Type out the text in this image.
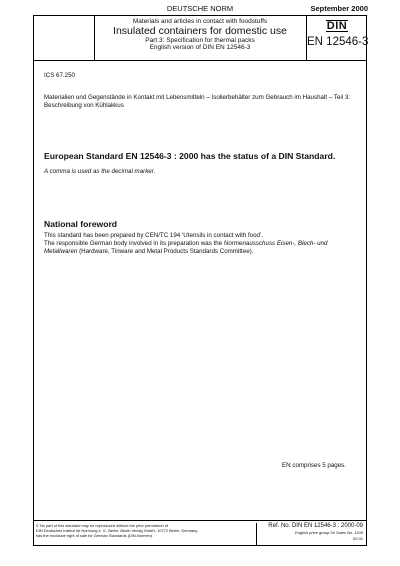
DEUTSCHE NORM	September 2000
Materials and articles in contact with foodstuffs
Insulated containers for domestic use
Part 3: Specification for thermal packs
English version of DIN EN 12546-3
DIN
EN 12546-3
ICS 67.250
Materialien und Gegenstände in Kontakt mit Lebensmitteln – Isolierbehälter zum Gebrauch im Haushalt – Teil 3: Beschreibung von Kühlakkus
European Standard EN 12546-3 : 2000 has the status of a DIN Standard.
A comma is used as the decimal marker.
National foreword
This standard has been prepared by CEN/TC 194 ‘Utensils in contact with food’.
The responsible German body involved in its preparation was the Normenausschuss Eisen-, Blech- und Metallwaren (Hardware, Tinware and Metal Products Standards Committee).
EN comprises 5 pages.
© No part of this standard may be reproduced without the prior permission of
DIN Deutsches Institut für Normung e. V., Berlin. Beuth Verlag GmbH, 10772 Berlin, Germany,
has the exclusive right of sale for German Standards (DIN-Normen).
Ref. No. DIN EN 12546-3 : 2000-09
English price group 06 Sales No. 1106
02.01
